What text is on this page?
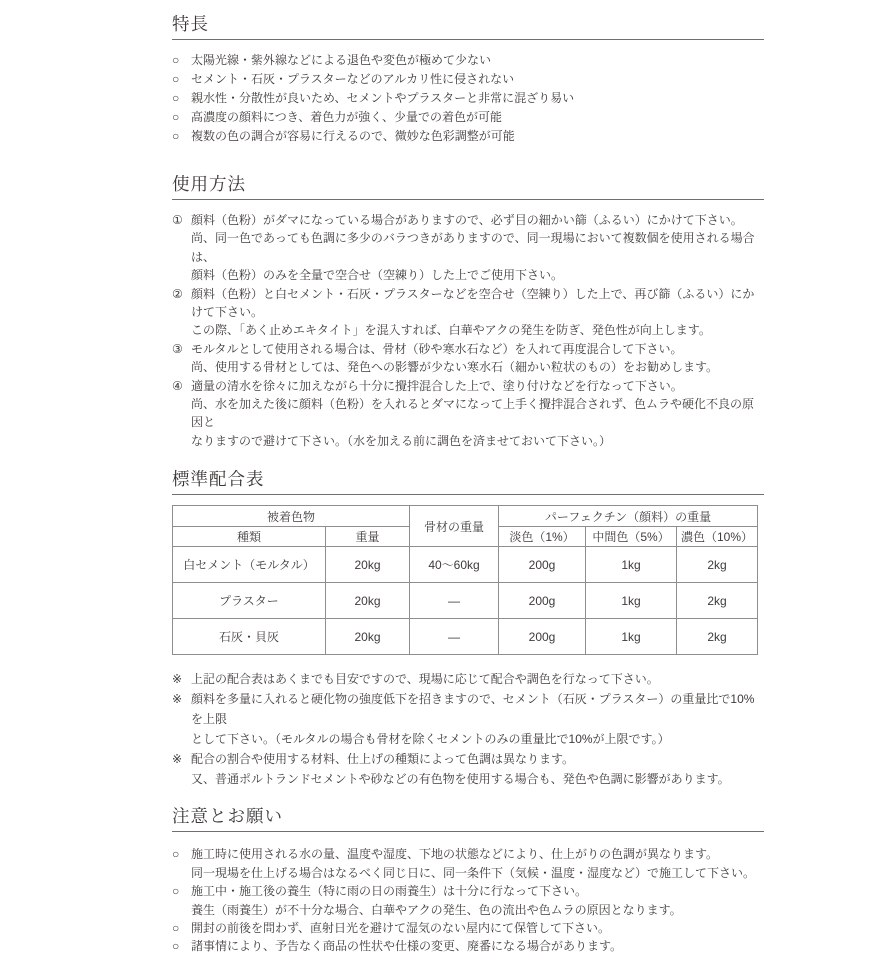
特長
○ 太陽光線・紫外線などによる退色や変色が極めて少ない
○ セメント・石灰・プラスターなどのアルカリ性に侵されない
○ 親水性・分散性が良いため、セメントやプラスターと非常に混ざり易い
○ 高濃度の顔料につき、着色力が強く、少量での着色が可能
○ 複数の色の調合が容易に行えるので、微妙な色彩調整が可能
使用方法
① 顔料（色粉）がダマになっている場合がありますので、必ず目の細かい篩（ふるい）にかけて下さい。
尚、同一色であっても色調に多少のバラつきがありますので、同一現場において複数個を使用される場合は、
顔料（色粉）のみを全量で空合せ（空練り）した上でご使用下さい。
② 顔料（色粉）と白セメント・石灰・プラスターなどを空合せ（空練り）した上で、再び篩（ふるい）にかけて下さい。
この際、「あく止めエキタイト」を混入すれば、白華やアクの発生を防ぎ、発色性が向上します。
③ モルタルとして使用される場合は、骨材（砂や寒水石など）を入れて再度混合して下さい。
尚、使用する骨材としては、発色への影響が少ない寒水石（細かい粒状のもの）をお勧めします。
④ 適量の清水を徐々に加えながら十分に攪拌混合した上で、塗り付けなどを行なって下さい。
尚、水を加えた後に顔料（色粉）を入れるとダマになって上手く攪拌混合されず、色ムラや硬化不良の原因と
なりますので避けて下さい。（水を加える前に調色を済ませておいて下さい。）
標準配合表
被着色物		骨材の重量	パーフェクチン（顔料）の重量		
種類	重量		淡色（1%）	中間色（5%）	濃色（10%）
白セメント（モルタル）	20kg	40～60kg	200g	1kg	2kg
プラスター	20kg	—	200g	1kg	2kg
石灰・貝灰	20kg	—	200g	1kg	2kg
※ 上記の配合表はあくまでも目安ですので、現場に応じて配合や調色を行なって下さい。
※ 顔料を多量に入れると硬化物の強度低下を招きますので、セメント（石灰・プラスター）の重量比で10%を上限
として下さい。（モルタルの場合も骨材を除くセメントのみの重量比で10%が上限です。）
※ 配合の割合や使用する材料、仕上げの種類によって色調は異なります。
又、普通ポルトランドセメントや砂などの有色物を使用する場合も、発色や色調に影響があります。
注意とお願い
○ 施工時に使用される水の量、温度や湿度、下地の状態などにより、仕上がりの色調が異なります。
同一現場を仕上げる場合はなるべく同じ日に、同一条件下（気候・温度・湿度など）で施工して下さい。
○ 施工中・施工後の養生（特に雨の日の雨養生）は十分に行なって下さい。
養生（雨養生）が不十分な場合、白華やアクの発生、色の流出や色ムラの原因となります。
○ 開封の前後を問わず、直射日光を避けて湿気のない屋内にて保管して下さい。
○ 諸事情により、予告なく商品の性状や仕様の変更、廃番になる場合があります。
